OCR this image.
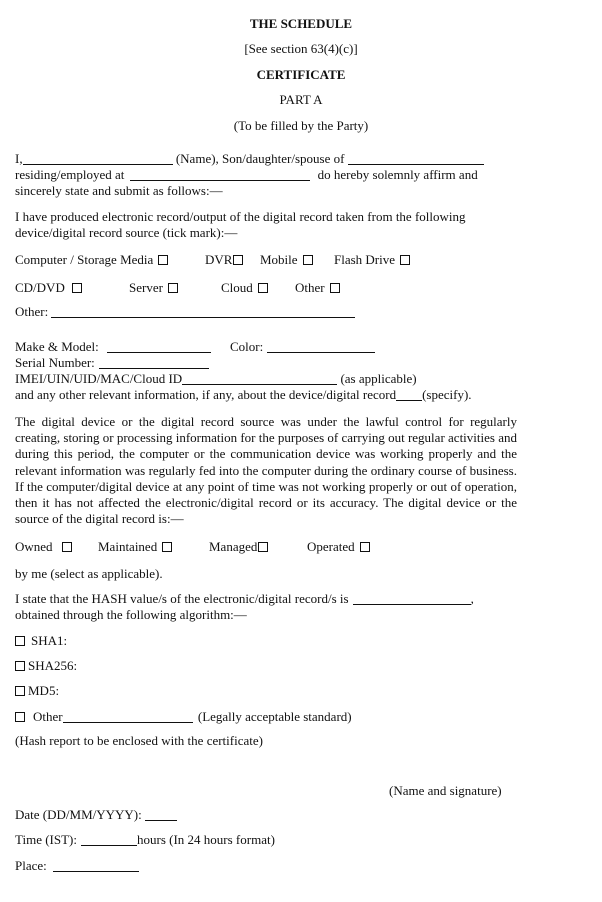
THE SCHEDULE
[See section 63(4)(c)]
CERTIFICATE
PART A
(To be filled by the Party)
I,	(Name), Son/daughter/spouse of
residing/employed at	do hereby solemnly affirm and
sincerely state and submit as follows:—
I have produced electronic record/output of the digital record taken from the following
device/digital record source (tick mark):—
Computer / Storage Media	DVR	Mobile	Flash Drive
CD/DVD	Server	Cloud	Other
Other:
Make & Model:	Color:
Serial Number:
IMEI/UIN/UID/MAC/Cloud ID	(as applicable)
and any other relevant information, if any, about the device/digital record (specify).
The digital device or the digital record source was under the lawful control for regularly creating, storing or processing information for the purposes of carrying out regular activities and during this period, the computer or the communication device was working properly and the relevant information was regularly fed into the computer during the ordinary course of business. If the computer/digital device at any point of time was not working properly or out of operation, then it has not affected the electronic/digital record or its accuracy. The digital device or the source of the digital record is:—
Owned	Maintained	Managed	Operated
by me (select as applicable).
I state that the HASH value/s of the electronic/digital record/s is	,
obtained through the following algorithm:—
SHA1:
SHA256:
MD5:
Other	(Legally acceptable standard)
(Hash report to be enclosed with the certificate)
(Name and signature)
Date (DD/MM/YYYY):
Time (IST):	hours (In 24 hours format)
Place:
